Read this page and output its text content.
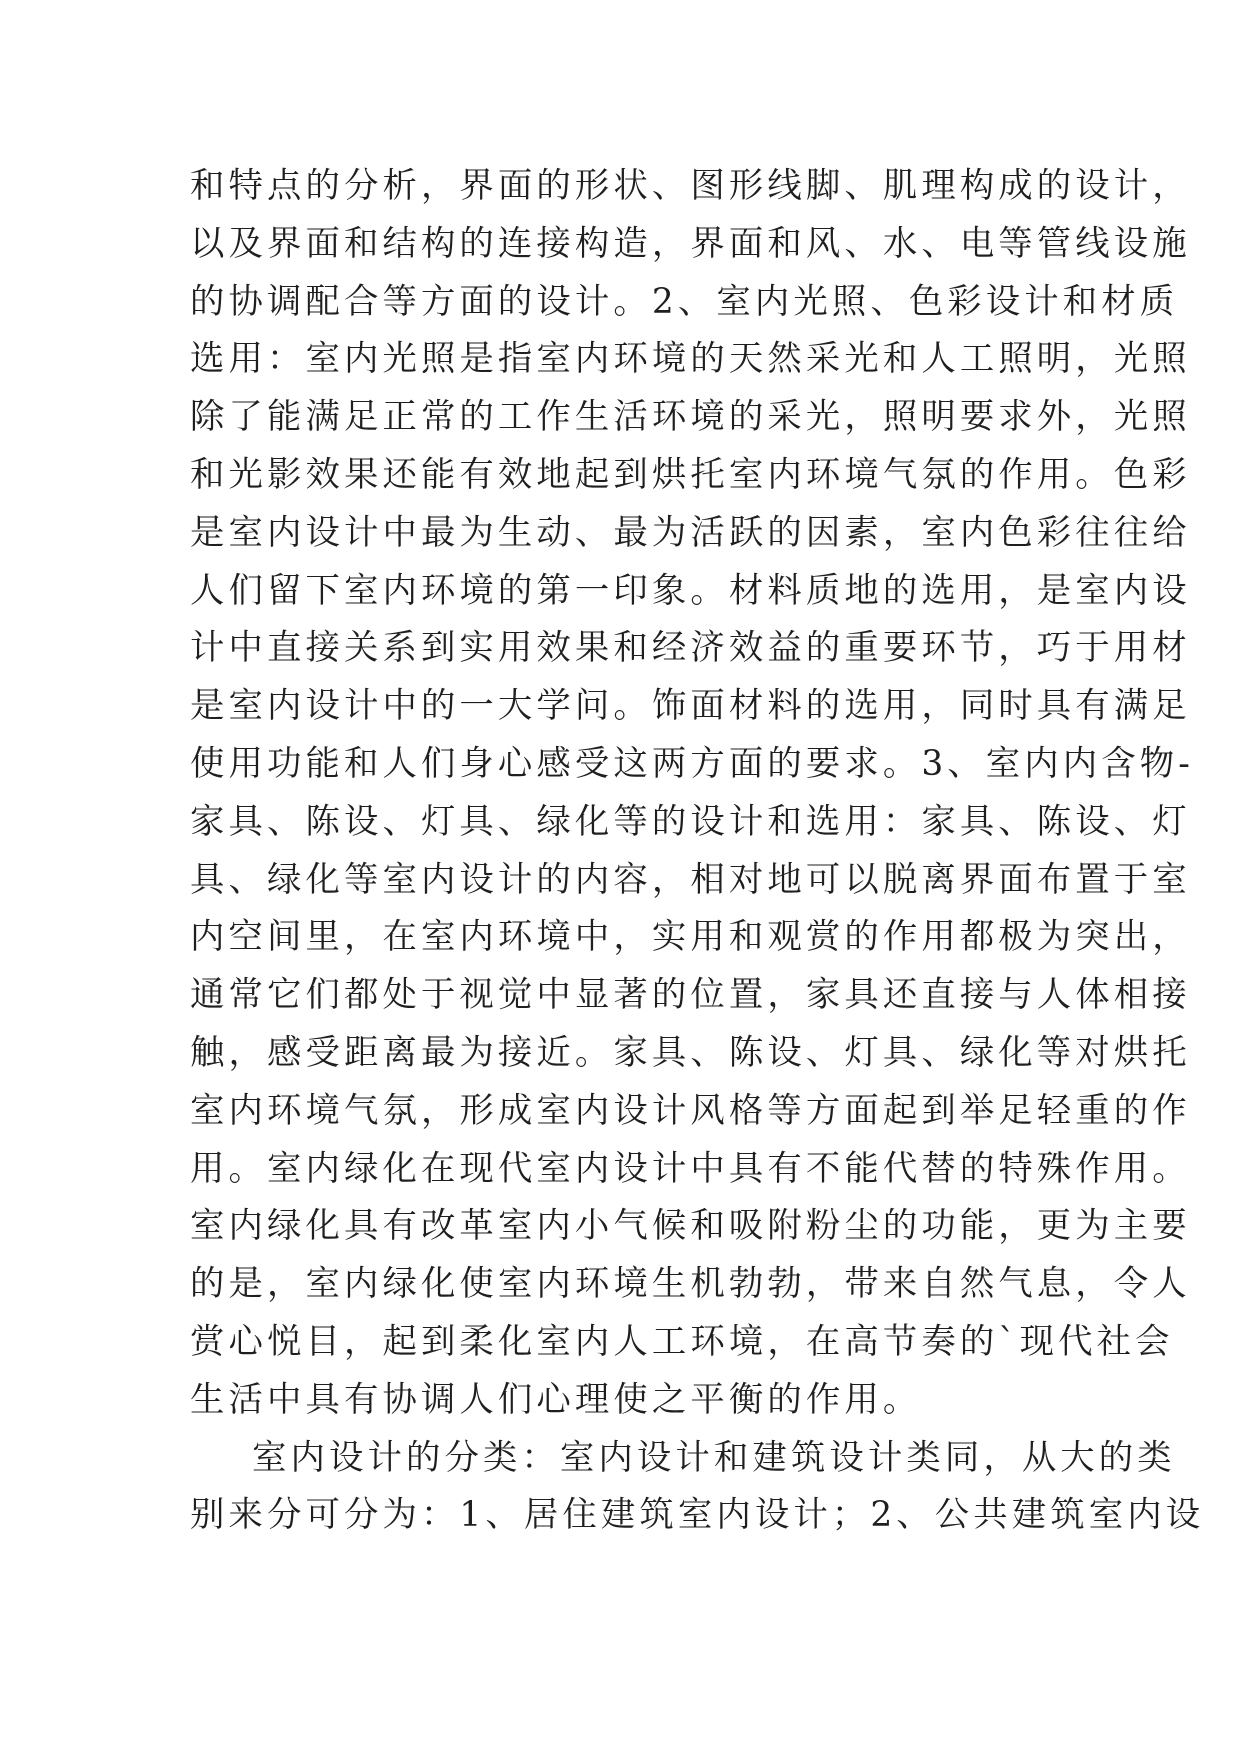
和特点的分析，界面的形状、图形线脚、肌理构成的设计，
以及界面和结构的连接构造，界面和风、水、电等管线设施
的协调配合等方面的设计。2、室内光照、色彩设计和材质
选用：室内光照是指室内环境的天然采光和人工照明，光照
除了能满足正常的工作生活环境的采光，照明要求外，光照
和光影效果还能有效地起到烘托室内环境气氛的作用。色彩
是室内设计中最为生动、最为活跃的因素，室内色彩往往给
人们留下室内环境的第一印象。材料质地的选用，是室内设
计中直接关系到实用效果和经济效益的重要环节，巧于用材
是室内设计中的一大学问。饰面材料的选用，同时具有满足
使用功能和人们身心感受这两方面的要求。3、室内内含物-
家具、陈设、灯具、绿化等的设计和选用：家具、陈设、灯
具、绿化等室内设计的内容，相对地可以脱离界面布置于室
内空间里，在室内环境中，实用和观赏的作用都极为突出，
通常它们都处于视觉中显著的位置，家具还直接与人体相接
触，感受距离最为接近。家具、陈设、灯具、绿化等对烘托
室内环境气氛，形成室内设计风格等方面起到举足轻重的作
用。室内绿化在现代室内设计中具有不能代替的特殊作用。
室内绿化具有改革室内小气候和吸附粉尘的功能，更为主要
的是，室内绿化使室内环境生机勃勃，带来自然气息，令人
赏心悦目，起到柔化室内人工环境，在高节奏的`现代社会
生活中具有协调人们心理使之平衡的作用。
室内设计的分类：室内设计和建筑设计类同，从大的类
别来分可分为：1、居住建筑室内设计；2、公共建筑室内设
